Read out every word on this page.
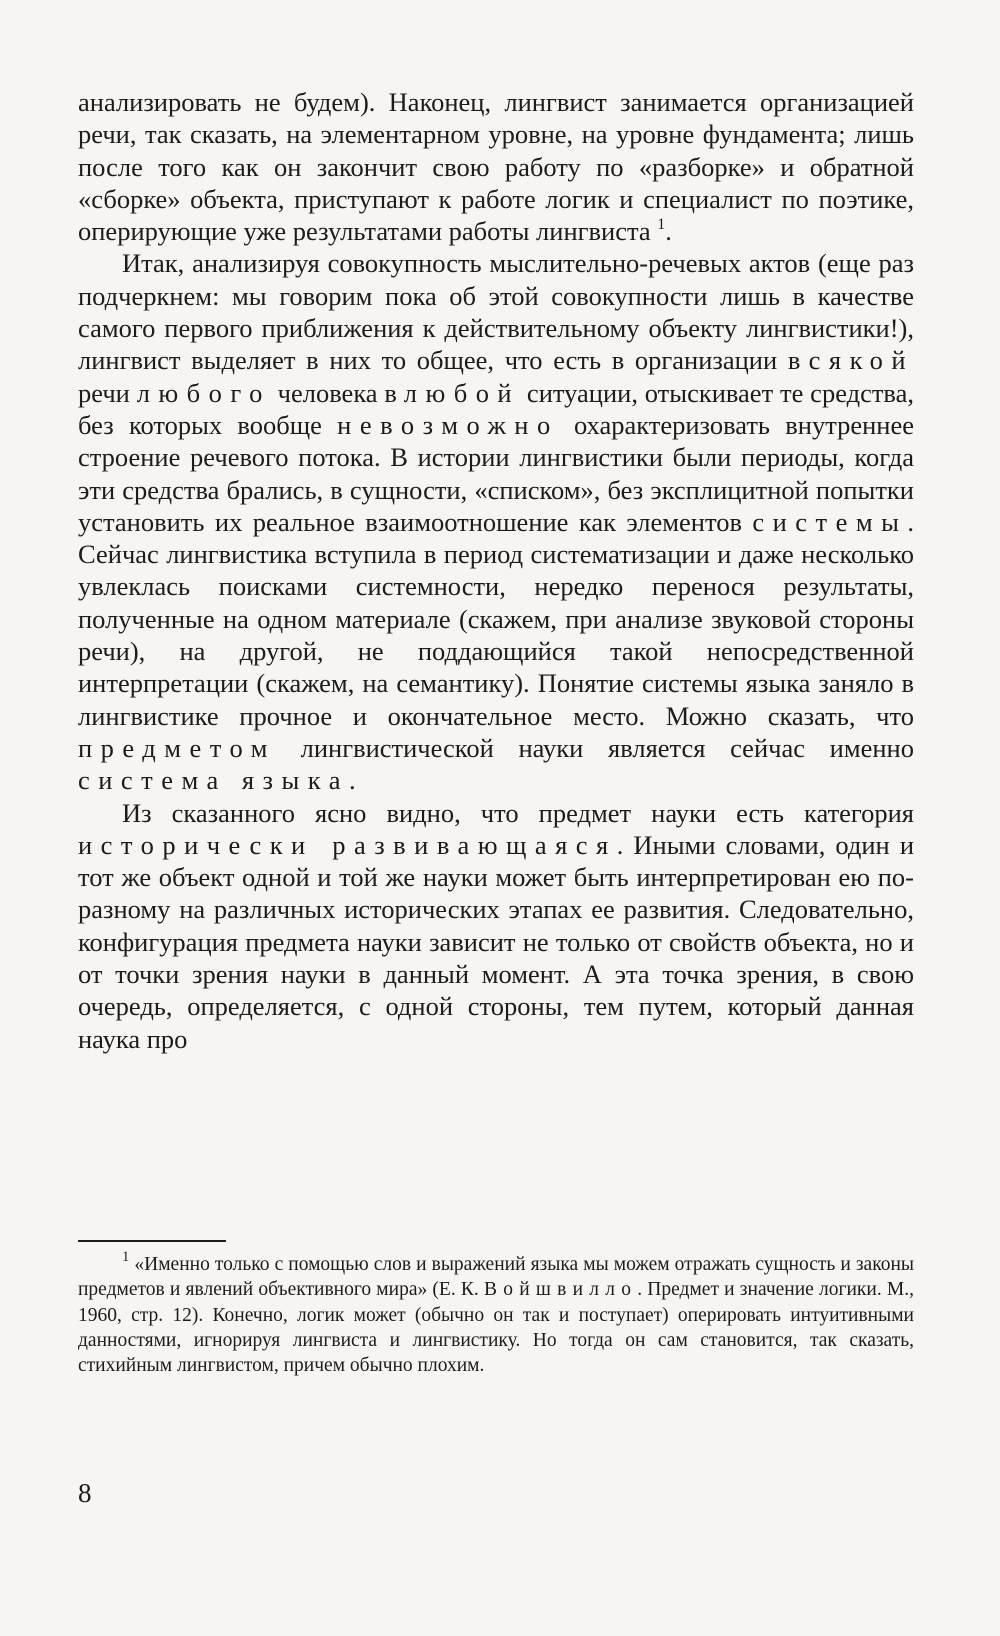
анализировать не будем). Наконец, лингвист занимается организацией речи, так сказать, на элементарном уровне, на уровне фундамента; лишь после того как он закончит свою работу по «разборке» и обратной «сборке» объекта, приступают к работе логик и специалист по поэтике, оперирующие уже результатами работы лингвиста $^1$.

Итак, анализируя совокупность мыслительно-речевых актов (еще раз подчеркнем: мы говорим пока об этой совокупности лишь в качестве самого первого приближения к действительному объекту лингвистики!), лингвист выделяет в них то общее, что есть в организации всякой речи любого человека в любой ситуации, отыскивает те средства, без которых вообще невозможно охарактеризовать внутреннее строение речевого потока. В истории лингвистики были периоды, когда эти средства брались, в сущности, «списком», без эксплицитной попытки установить их реальное взаимоотношение как элементов системы. Сейчас лингвистика вступила в период систематизации и даже несколько увлеклась поисками системности, нередко перенося результаты, полученные на одном материале (скажем, при анализе звуковой стороны речи), на другой, не поддающийся такой непосредственной интерпретации (скажем, на семантику). Понятие системы языка заняло в лингвистике прочное и окончательное место. Можно сказать, что предметом лингвистической науки является сейчас именно система языка.

Из сказанного ясно видно, что предмет науки есть категория исторически развивающаяся. Иными словами, один и тот же объект одной и той же науки может быть интерпретирован ею по-разному на различных исторических этапах ее развития. Следовательно, конфигурация предмета науки зависит не только от свойств объекта, но и от точки зрения науки в данный момент. А эта точка зрения, в свою очередь, определяется, с одной стороны, тем путем, который данная наука про

$^1$ «Именно только с помощью слов и выражений языка мы можем отражать сущность и законы предметов и явлений объективного мира» (Е. К. Войшвилло. Предмет и значение логики. М., 1960, стр. 12). Конечно, логик может (обычно он так и поступает) оперировать интуитивными данностями, игнорируя лингвиста и лингвистику. Но тогда он сам становится, так сказать, стихийным лингвистом, причем обычно плохим.

8
